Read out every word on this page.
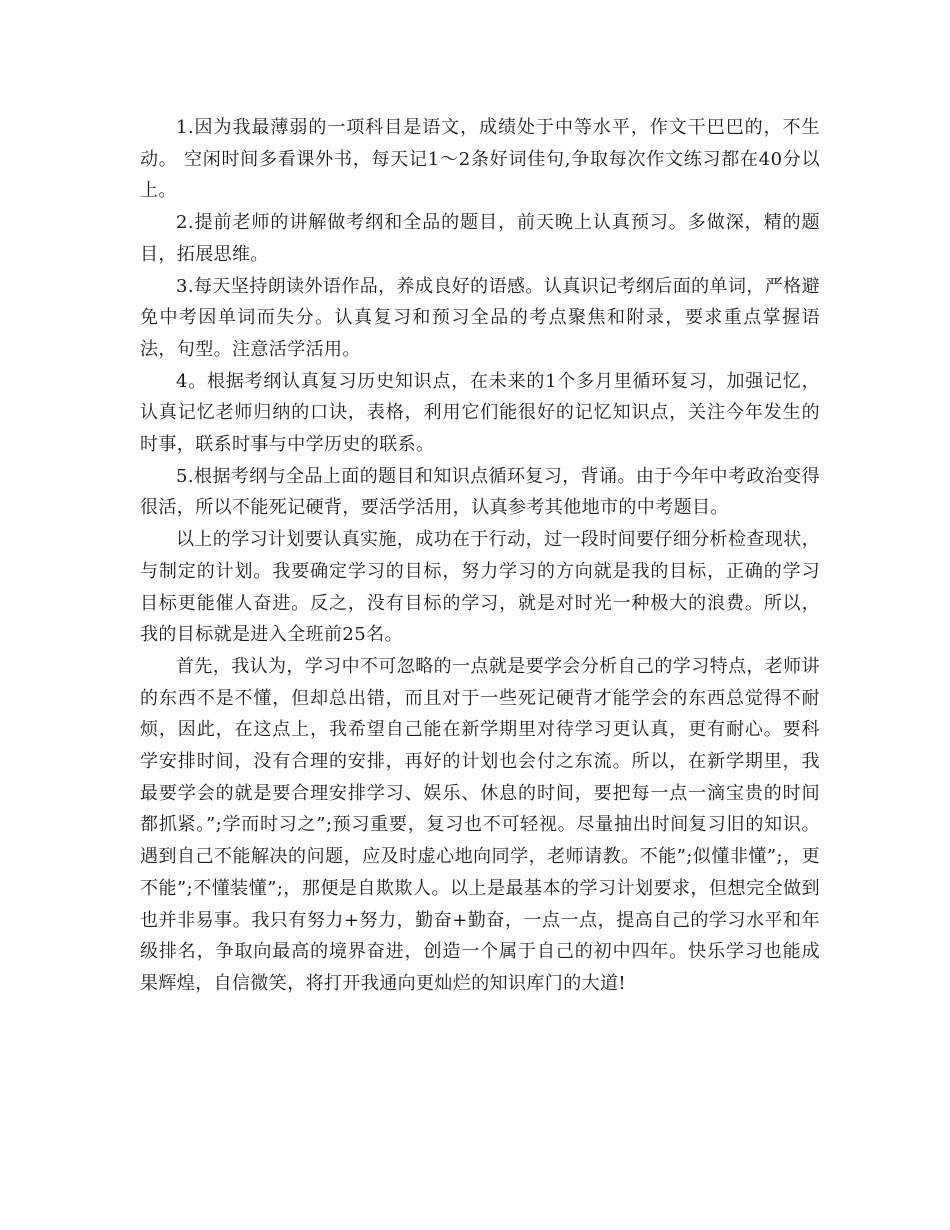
1.因为我最薄弱的一项科目是语文，成绩处于中等水平，作文干巴巴的，不生动。 空闲时间多看课外书，每天记1～2条好词佳句,争取每次作文练习都在40分以上。

2.提前老师的讲解做考纲和全品的题目，前天晚上认真预习。多做深，精的题目，拓展思维。

3.每天坚持朗读外语作品，养成良好的语感。认真识记考纲后面的单词，严格避免中考因单词而失分。认真复习和预习全品的考点聚焦和附录，要求重点掌握语法，句型。注意活学活用。

4。根据考纲认真复习历史知识点，在未来的1个多月里循环复习，加强记忆，认真记忆老师归纳的口诀，表格，利用它们能很好的记忆知识点，关注今年发生的时事，联系时事与中学历史的联系。

5.根据考纲与全品上面的题目和知识点循环复习，背诵。由于今年中考政治变得很活，所以不能死记硬背，要活学活用，认真参考其他地市的中考题目。

以上的学习计划要认真实施，成功在于行动，过一段时间要仔细分析检查现状，与制定的计划。我要确定学习的目标，努力学习的方向就是我的目标，正确的学习目标更能催人奋进。反之，没有目标的学习，就是对时光一种极大的浪费。所以，我的目标就是进入全班前25名。

首先，我认为，学习中不可忽略的一点就是要学会分析自己的学习特点，老师讲的东西不是不懂，但却总出错，而且对于一些死记硬背才能学会的东西总觉得不耐烦，因此，在这点上，我希望自己能在新学期里对待学习更认真，更有耐心。要科学安排时间，没有合理的安排，再好的计划也会付之东流。所以，在新学期里，我最要学会的就是要合理安排学习、娱乐、休息的时间，要把每一点一滴宝贵的时间都抓紧。”;学而时习之”;预习重要，复习也不可轻视。尽量抽出时间复习旧的知识。遇到自己不能解决的问题，应及时虚心地向同学，老师请教。不能”;似懂非懂”;，更不能”;不懂装懂”;，那便是自欺欺人。以上是最基本的学习计划要求，但想完全做到也并非易事。我只有努力+努力，勤奋+勤奋，一点一点，提高自己的学习水平和年级排名，争取向最高的境界奋进，创造一个属于自己的初中四年。快乐学习也能成果辉煌，自信微笑，将打开我通向更灿烂的知识库门的大道!
